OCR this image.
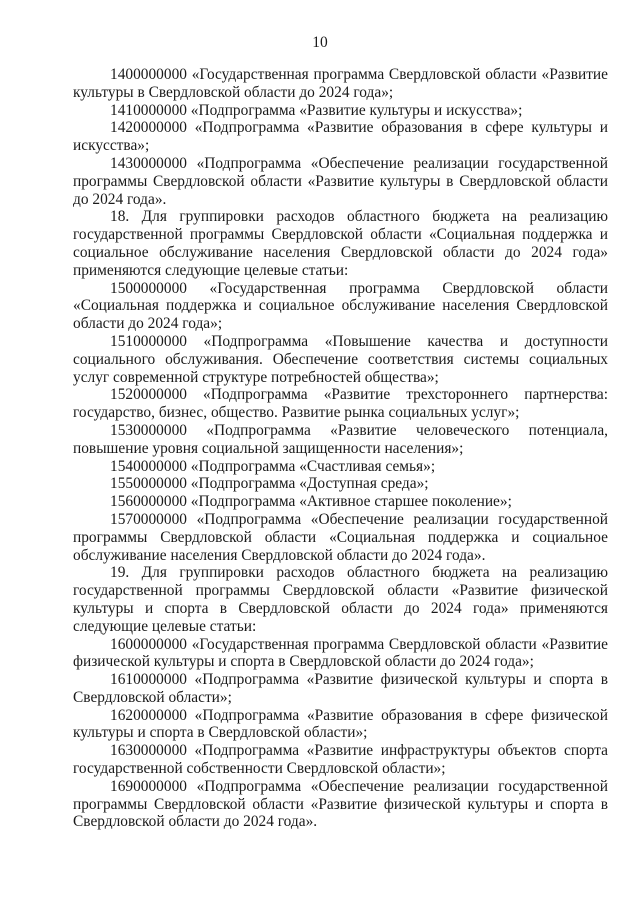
10

1400000000 «Государственная программа Свердловской области «Развитие культуры в Свердловской области до 2024 года»;

1410000000 «Подпрограмма «Развитие культуры и искусства»;

1420000000 «Подпрограмма «Развитие образования в сфере культуры и искусства»;

1430000000 «Подпрограмма «Обеспечение реализации государственной программы Свердловской области «Развитие культуры в Свердловской области до 2024 года».

18. Для группировки расходов областного бюджета на реализацию государственной программы Свердловской области «Социальная поддержка и социальное обслуживание населения Свердловской области до 2024 года» применяются следующие целевые статьи:

1500000000 «Государственная программа Свердловской области «Социальная поддержка и социальное обслуживание населения Свердловской области до 2024 года»;

1510000000 «Подпрограмма «Повышение качества и доступности социального обслуживания. Обеспечение соответствия системы социальных услуг современной структуре потребностей общества»;

1520000000 «Подпрограмма «Развитие трехстороннего партнерства: государство, бизнес, общество. Развитие рынка социальных услуг»;

1530000000 «Подпрограмма «Развитие человеческого потенциала, повышение уровня социальной защищенности населения»;

1540000000 «Подпрограмма «Счастливая семья»;

1550000000 «Подпрограмма «Доступная среда»;

1560000000 «Подпрограмма «Активное старшее поколение»;

1570000000 «Подпрограмма «Обеспечение реализации государственной программы Свердловской области «Социальная поддержка и социальное обслуживание населения Свердловской области до 2024 года».

19. Для группировки расходов областного бюджета на реализацию государственной программы Свердловской области «Развитие физической культуры и спорта в Свердловской области до 2024 года» применяются следующие целевые статьи:

1600000000 «Государственная программа Свердловской области «Развитие физической культуры и спорта в Свердловской области до 2024 года»;

1610000000 «Подпрограмма «Развитие физической культуры и спорта в Свердловской области»;

1620000000 «Подпрограмма «Развитие образования в сфере физической культуры и спорта в Свердловской области»;

1630000000 «Подпрограмма «Развитие инфраструктуры объектов спорта государственной собственности Свердловской области»;

1690000000 «Подпрограмма «Обеспечение реализации государственной программы Свердловской области «Развитие физической культуры и спорта в Свердловской области до 2024 года».
